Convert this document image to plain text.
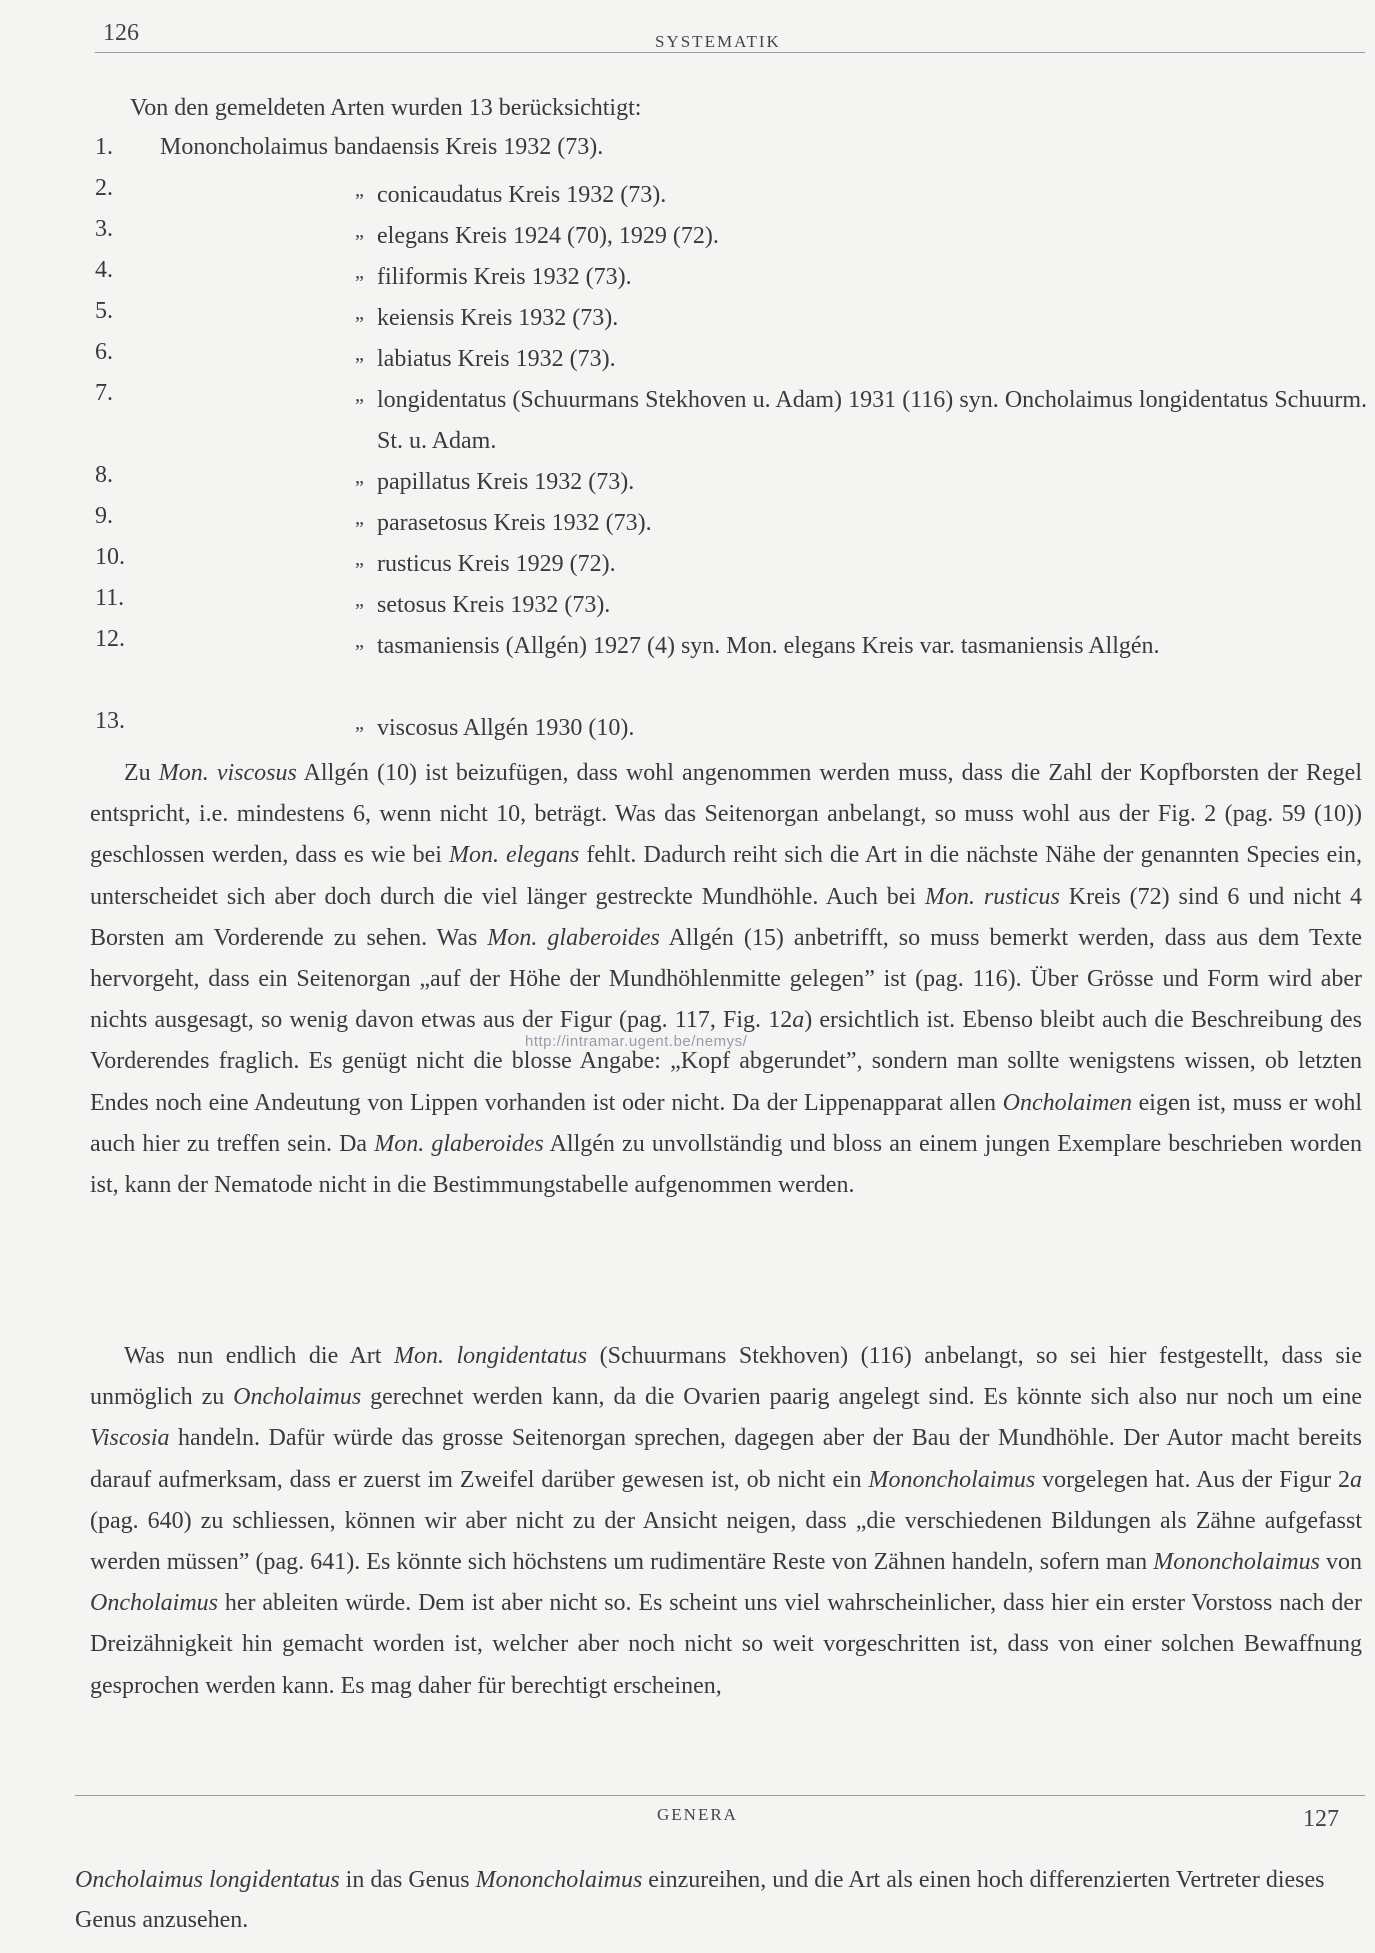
126	SYSTEMATIK
Von den gemeldeten Arten wurden 13 berücksichtigt:
1.	Mononcholaimus bandaensis Kreis 1932 (73).
2.	„ conicaudatus Kreis 1932 (73).
3.	„ elegans Kreis 1924 (70), 1929 (72).
4.	„ filiformis Kreis 1932 (73).
5.	„ keiensis Kreis 1932 (73).
6.	„ labiatus Kreis 1932 (73).
7.	„ longidentatus (Schuurmans Stekhoven u. Adam) 1931 (116) syn. Oncholaimus longidentatus Schuurm. St. u. Adam.
8.	„ papillatus Kreis 1932 (73).
9.	„ parasetosus Kreis 1932 (73).
10.	„ rusticus Kreis 1929 (72).
11.	„ setosus Kreis 1932 (73).
12.	„ tasmaniensis (Allgén) 1927 (4) syn. Mon. elegans Kreis var. tasmaniensis Allgén.
13.	„ viscosus Allgén 1930 (10).

Zu Mon. viscosus Allgén (10) ist beizufügen, dass wohl angenommen werden muss, dass die Zahl der Kopfborsten der Regel entspricht, i.e. mindestens 6, wenn nicht 10, beträgt. Was das Seitenorgan anbelangt, so muss wohl aus der Fig. 2 (pag. 59 (10)) geschlossen werden, dass es wie bei Mon. elegans fehlt. Dadurch reiht sich die Art in die nächste Nähe der genannten Species ein, unterscheidet sich aber doch durch die viel länger gestreckte Mundhöhle. Auch bei Mon. rusticus Kreis (72) sind 6 und nicht 4 Borsten am Vorderende zu sehen. Was Mon. glaberoides Allgén (15) anbetrifft, so muss bemerkt werden, dass aus dem Texte hervorgeht, dass ein Seitenorgan „auf der Höhe der Mundhöhlenmitte gelegen” ist (pag. 116). Über Grösse und Form wird aber nichts ausgesagt, so wenig davon etwas aus der Figur (pag. 117, Fig. 12a) ersichtlich ist. Ebenso bleibt auch die Beschreibung des Vorderendes fraglich. Es genügt nicht die blosse Angabe: „Kopf abgerundet”, sondern man sollte wenigstens wissen, ob letzten Endes noch eine Andeutung von Lippen vorhanden ist oder nicht. Da der Lippenapparat allen Oncholaimen eigen ist, muss er wohl auch hier zu treffen sein. Da Mon. glaberoides Allgén zu unvollständig und bloss an einem jungen Exemplare beschrieben worden ist, kann der Nematode nicht in die Bestimmungstabelle aufgenommen werden.

http://intramar.ugent.be/nemys/

Was nun endlich die Art Mon. longidentatus (Schuurmans Stekhoven) (116) anbelangt, so sei hier festgestellt, dass sie unmöglich zu Oncholaimus gerechnet werden kann, da die Ovarien paarig angelegt sind. Es könnte sich also nur noch um eine Viscosia handeln. Dafür würde das grosse Seitenorgan sprechen, dagegen aber der Bau der Mundhöhle. Der Autor macht bereits darauf aufmerksam, dass er zuerst im Zweifel darüber gewesen ist, ob nicht ein Mononcholaimus vorgelegen hat. Aus der Figur 2a (pag. 640) zu schliessen, können wir aber nicht zu der Ansicht neigen, dass „die verschiedenen Bildungen als Zähne aufgefasst werden müssen” (pag. 641). Es könnte sich höchstens um rudimentäre Reste von Zähnen handeln, sofern man Mononcholaimus von Oncholaimus her ableiten würde. Dem ist aber nicht so. Es scheint uns viel wahrscheinlicher, dass hier ein erster Vorstoss nach der Dreizähnigkeit hin gemacht worden ist, welcher aber noch nicht so weit vorgeschritten ist, dass von einer solchen Bewaffnung gesprochen werden kann. Es mag daher für berechtigt erscheinen,

GENERA	127
Oncholaimus longidentatus in das Genus Mononcholaimus einzureihen, und die Art als einen hoch differenzierten Vertreter dieses Genus anzusehen.
